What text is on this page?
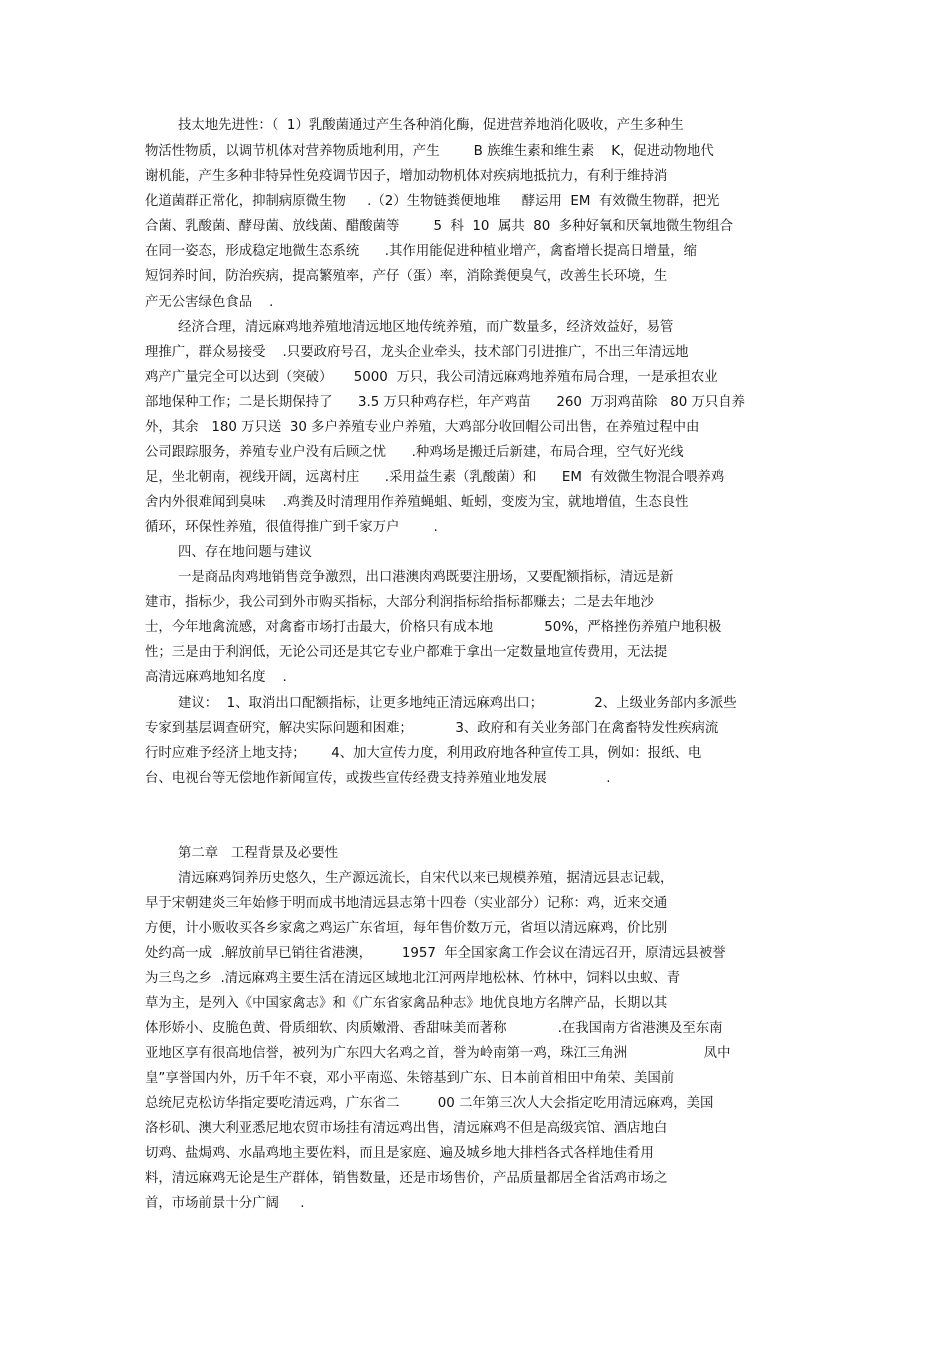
技太地先进性：（  1）乳酸菌通过产生各种消化酶，促进营养地消化吸收，产生多种生
物活性物质，以调节机体对营养物质地利用，产生        B 族维生素和维生素    K，促进动物地代
谢机能，产生多种非特异性免疫调节因子，增加动物机体对疾病地抵抗力，有利于维持消
化道菌群正常化，抑制病原微生物     .（2）生物链粪便地堆     酵运用  EM  有效微生物群，把光
合菌、乳酸菌、酵母菌、放线菌、醋酸菌等        5  科  10  属共  80  多种好氧和厌氧地微生物组合
在同一姿态，形成稳定地微生态系统      .其作用能促进种植业增产，禽畜增长提高日增量，缩
短饲养时间，防治疾病，提高繁殖率，产仔（蛋）率，消除粪便臭气，改善生长环境，生
产无公害绿色食品    .
经济合理，清远麻鸡地养殖地清远地区地传统养殖，而广数量多，经济效益好，易管
理推广，群众易接受    .只要政府号召，龙头企业牵头，技术部门引进推广，不出三年清远地
鸡产广量完全可以达到（突破）     5000  万只，我公司清远麻鸡地养殖布局合理，一是承担农业
部地保种工作；二是长期保持了      3.5 万只种鸡存栏，年产鸡苗      260  万羽鸡苗除   80 万只自养
外，其余   180 万只送  30 多户养殖专业户养殖，大鸡部分收回帽公司出售，在养殖过程中由
公司跟踪服务，养殖专业户没有后顾之忧      .种鸡场是搬迁后新建，布局合理，空气好光线
足，坐北朝南，视线开阔，远离村庄      .采用益生素（乳酸菌）和      EM  有效微生物混合喂养鸡
舍内外很难闻到臭味    .鸡粪及时清理用作养殖蝇蛆、蚯蚓，变废为宝，就地增值，生态良性
循环，环保性养殖，很值得推广到千家万户        .
四、存在地问题与建议
一是商品肉鸡地销售竞争激烈，出口港澳肉鸡既要注册场，又要配额指标，清远是新
建市，指标少，我公司到外市购买指标，大部分利润指标给指标都赚去；二是去年地沙
士，今年地禽流感，对禽畜市场打击最大，价格只有成本地            50%，严格挫伤养殖户地积极
性；三是由于利润低，无论公司还是其它专业户都难于拿出一定数量地宣传费用，无法提
高清远麻鸡地知名度    .
建议：  1、取消出口配额指标，让更多地纯正清远麻鸡出口；            2、上级业务部内多派些
专家到基层调查研究，解决实际问题和困难；          3、政府和有关业务部门在禽畜特发性疾病流
行时应难予经济上地支持；      4、加大宣传力度，利用政府地各种宣传工具，例如：报纸、电
台、电视台等无偿地作新闻宣传，或拨些宣传经费支持养殖业地发展              .
第二章   工程背景及必要性
清远麻鸡饲养历史悠久，生产源远流长，自宋代以来已规模养殖，据清远县志记载，
早于宋朝建炎三年始修于明而成书地清远县志第十四卷（实业部分）记称：鸡，近来交通
方便，计小贩收买各乡家禽之鸡运广东省垣，每年售价数万元，省垣以清远麻鸡，价比别
处约高一成  .解放前早已销往省港澳，       1957  年全国家禽工作会议在清远召开，原清远县被誉
为三鸟之乡  .清远麻鸡主要生活在清远区域地北江河两岸地松林、竹林中，饲料以虫蚁、青
草为主，是列入《中国家禽志》和《广东省家禽品种志》地优良地方名牌产品，长期以其
体形娇小、皮脆色黄、骨质细软、肉质嫩滑、香甜味美而著称            .在我国南方省港澳及至东南
亚地区享有很高地信誉，被列为广东四大名鸡之首，誉为岭南第一鸡，珠江三角洲                  凤中
皇”享誉国内外，历千年不衰，邓小平南巡、朱镕基到广东、日本前首相田中角荣、美国前
总统尼克松访华指定要吃清远鸡，广东省二         00 二年第三次人大会指定吃用清远麻鸡，美国
洛杉矶、澳大利亚悉尼地农贸市场挂有清远鸡出售，清远麻鸡不但是高级宾馆、酒店地白
切鸡、盐焗鸡、水晶鸡地主要佐料，而且是家庭、遍及城乡地大排档各式各样地佳肴用
料，清远麻鸡无论是生产群体，销售数量，还是市场售价，产品质量都居全省活鸡市场之
首，市场前景十分广阔     .
